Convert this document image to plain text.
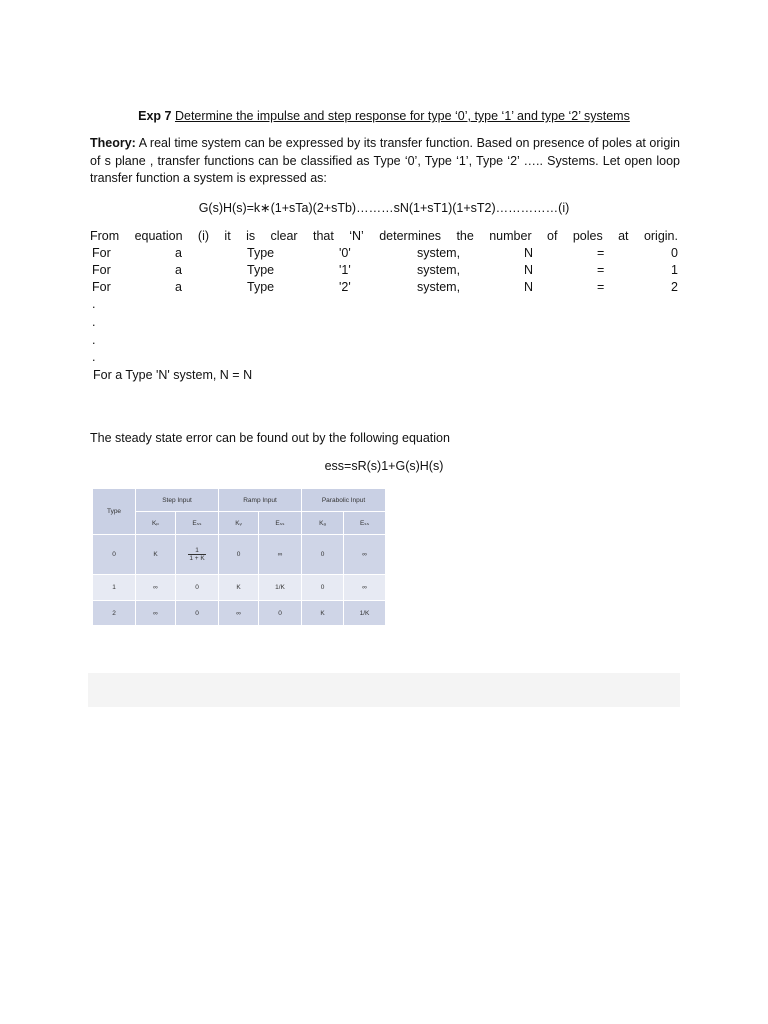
Exp 7 Determine the impulse and step response for type ‘0’, type ‘1’ and type ‘2’ systems
Theory: A real time system can be expressed by its transfer function. Based on presence of poles at origin of s plane , transfer functions can be classified as Type ‘0’, Type ‘1’, Type ‘2’ ….. Systems. Let open loop transfer function a system is expressed as:
G(s)H(s)=k∗(1+sTa)(2+sTb)………sN(1+sT1)(1+sT2)……………(i)
From equation (i) it is clear that ‘N’ determines the number of poles at origin.
For	a	Type	'0'	system,	N	=	0
For	a	Type	'1'	system,	N	=	1
For	a	Type	'2'	system,	N	=	2
.
.
.
.
For a Type 'N' system, N = N
The steady state error can be found out by the following equation
ess=sR(s)1+G(s)H(s)
Type	Step Input		Ramp Input		Parabolic Input	
	Kₚ	Eₛₛ	Kᵥ	Eₛₛ	Kₐ	Eₛₛ
0	K	$\frac{1}{1 + K}$	0	∞	0	∞
1	∞	0	K	1/K	0	∞
2	∞	0	∞	0	K	1/K
